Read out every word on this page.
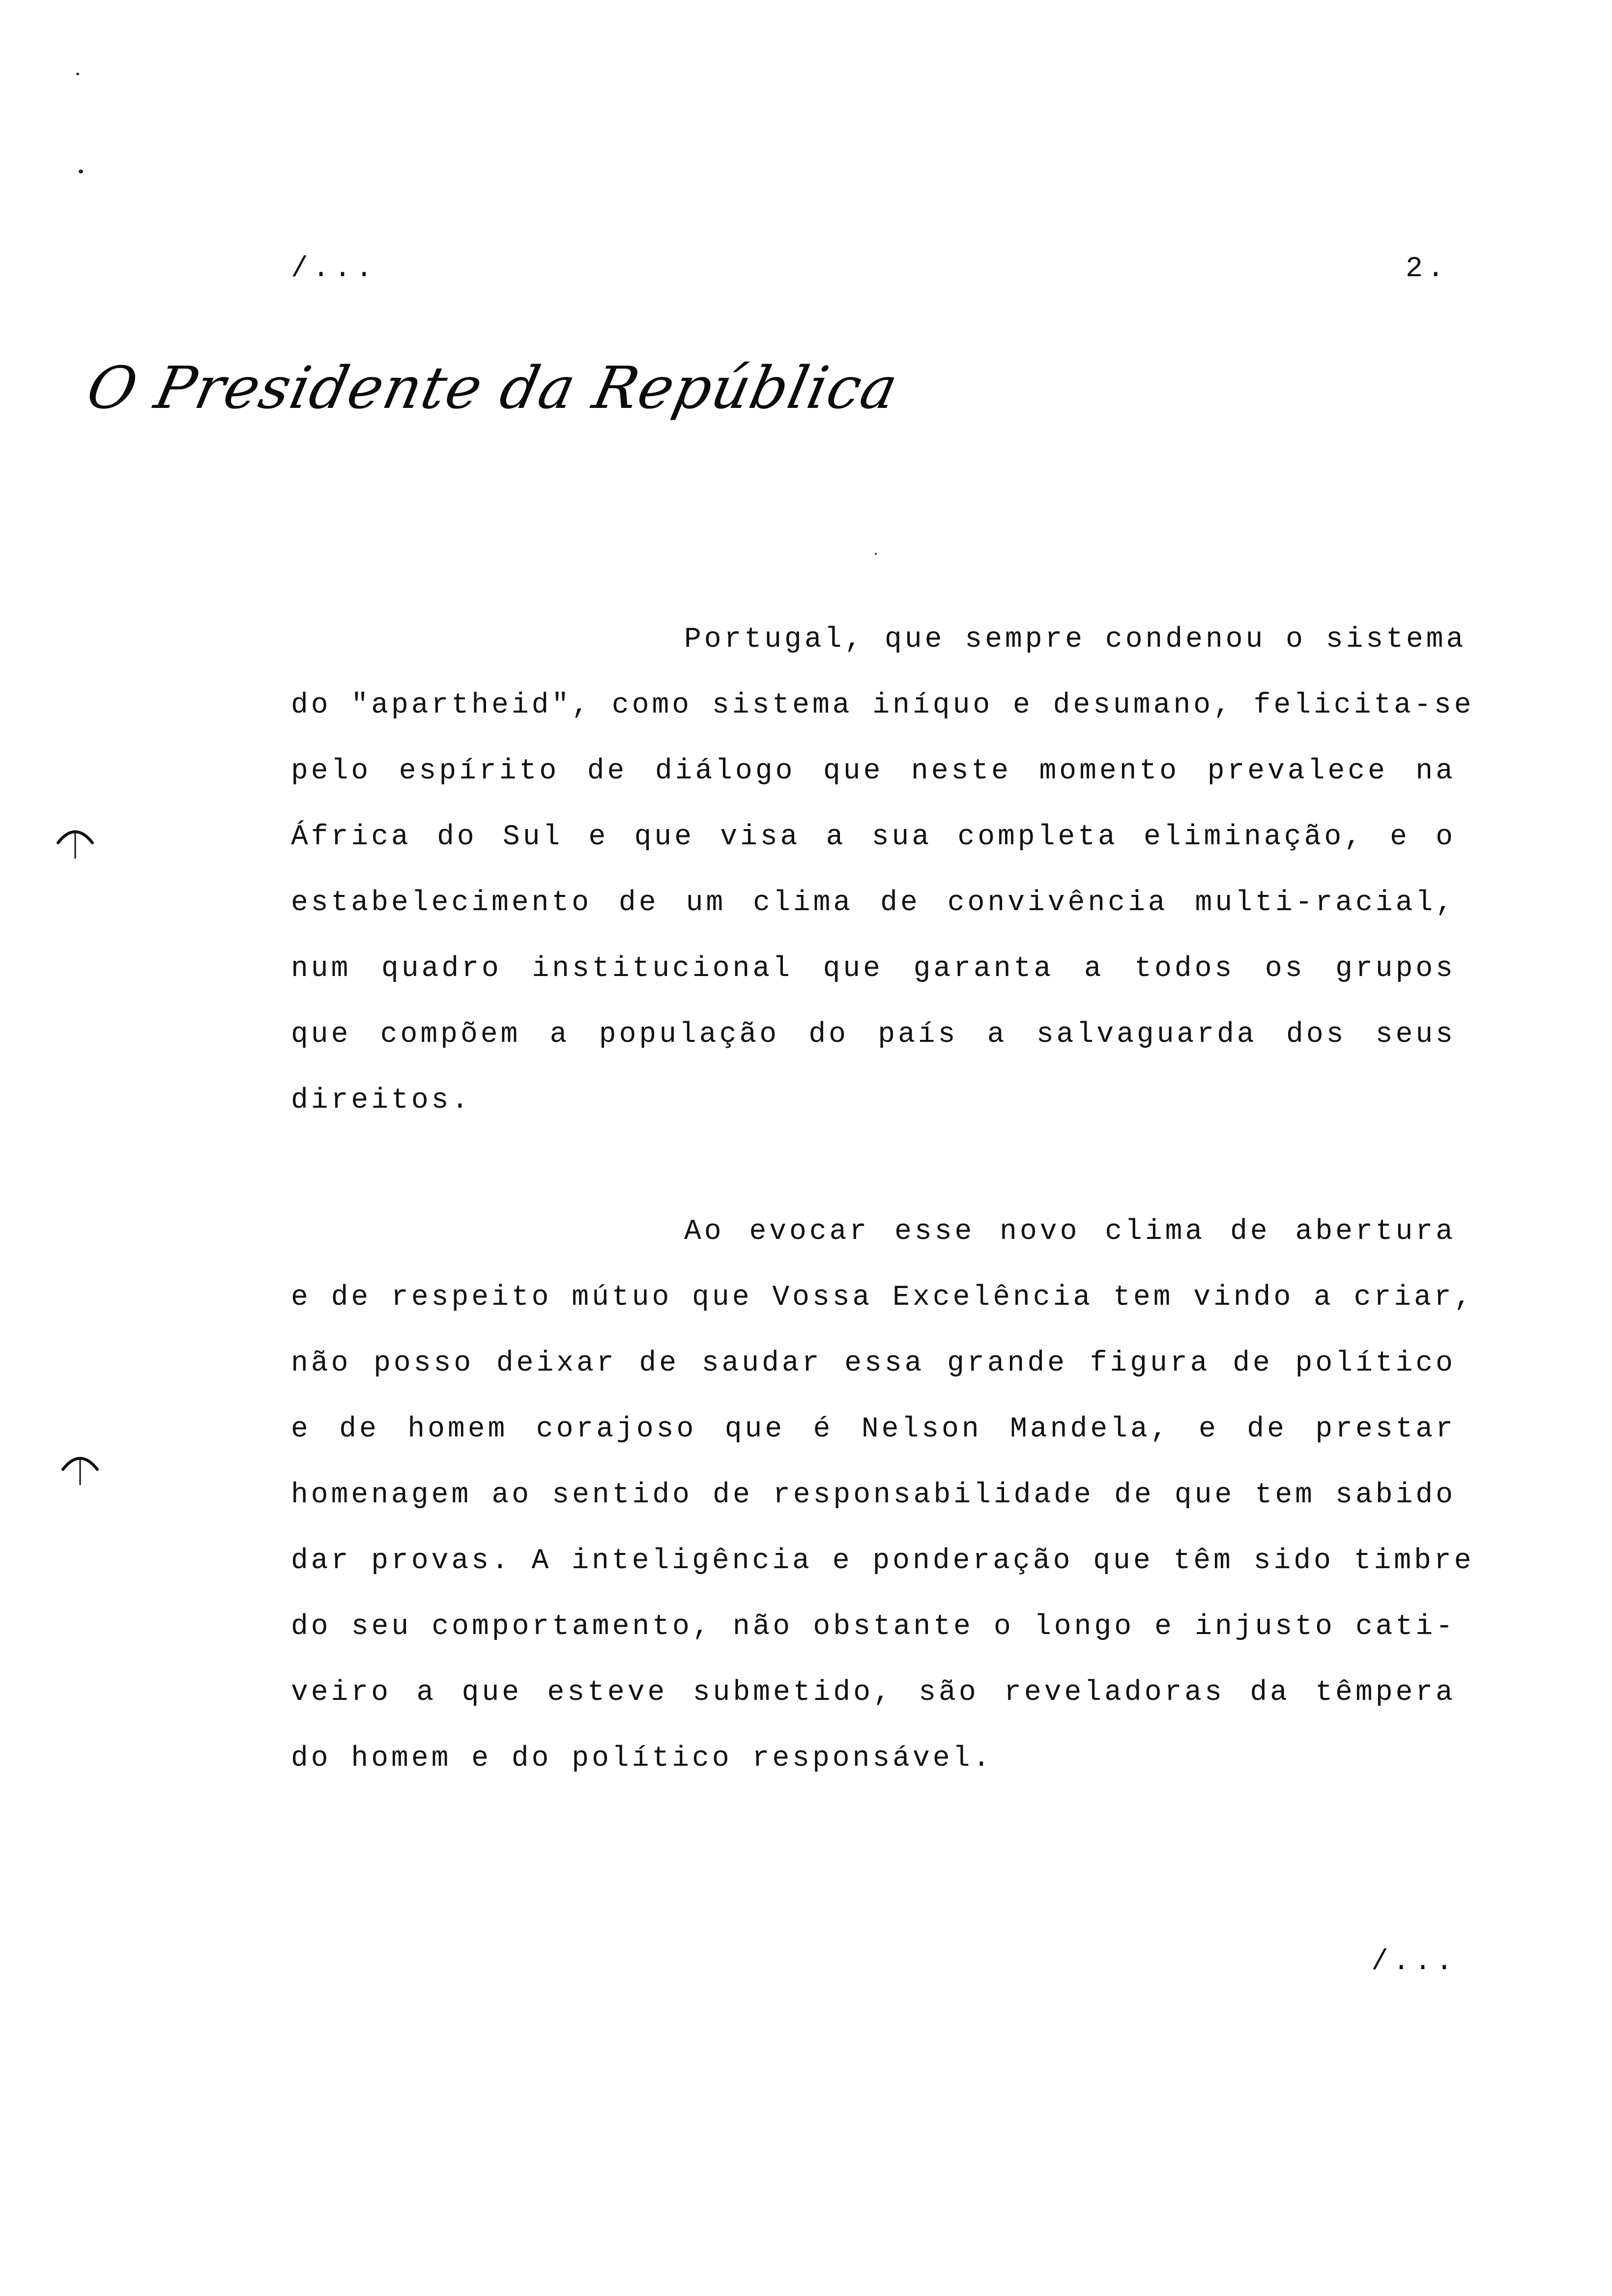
/...	2.
O Presidente da República
Portugal, que sempre condenou o sistema
do "apartheid", como sistema iníquo e desumano, felicita-se
pelo espírito de diálogo que neste momento prevalece na
África do Sul e que visa a sua completa eliminação, e o
estabelecimento de um clima de convivência multi-racial,
num quadro institucional que garanta a todos os grupos
que compõem a população do país a salvaguarda dos seus
direitos.
Ao evocar esse novo clima de abertura
e de respeito mútuo que Vossa Excelência tem vindo a criar,
não posso deixar de saudar essa grande figura de político
e de homem corajoso que é Nelson Mandela, e de prestar
homenagem ao sentido de responsabilidade de que tem sabido
dar provas. A inteligência e ponderação que têm sido timbre
do seu comportamento, não obstante o longo e injusto cati-
veiro a que esteve submetido, são reveladoras da têmpera
do homem e do político responsável.
/...
